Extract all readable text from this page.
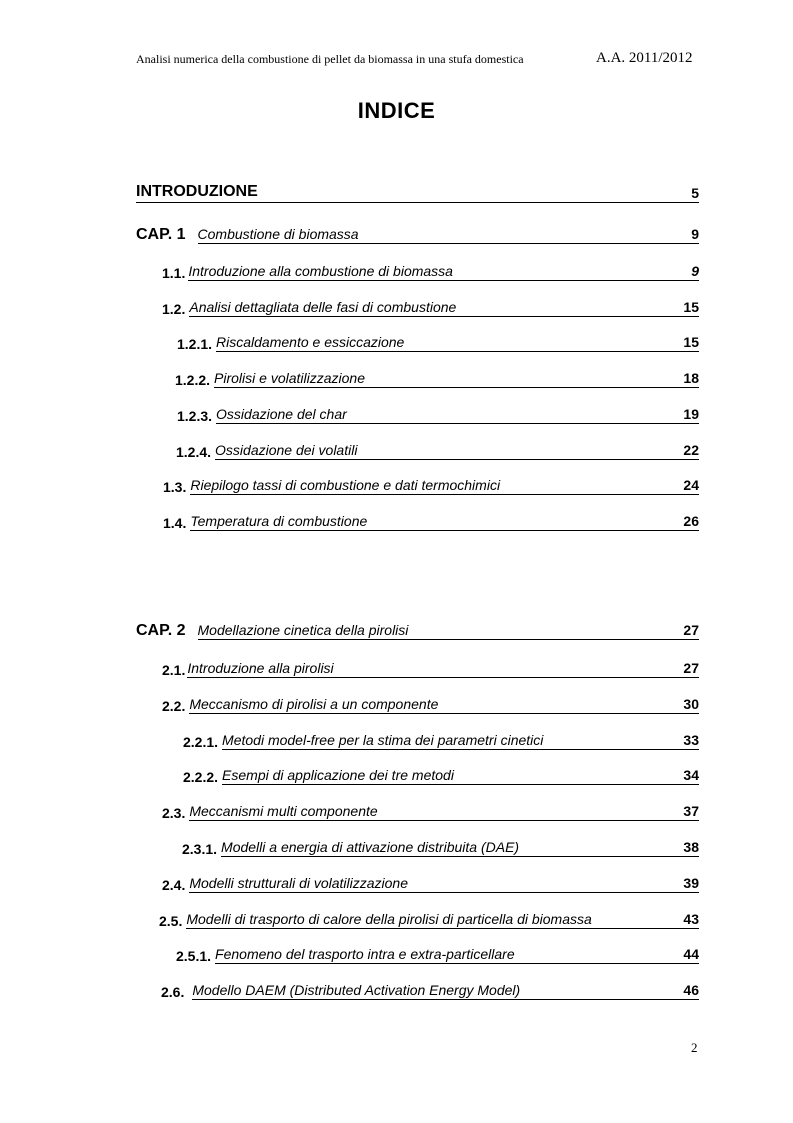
Analisi numerica della combustione di pellet da biomassa in una stufa domestica	A.A. 2011/2012
INDICE
INTRODUZIONE	5
CAP. 1 Combustione di biomassa	9
1.1. Introduzione alla combustione di biomassa	9
1.2. Analisi dettagliata delle fasi di combustione	15
1.2.1. Riscaldamento e essiccazione	15
1.2.2. Pirolisi e volatilizzazione	18
1.2.3. Ossidazione del char	19
1.2.4. Ossidazione dei volatili	22
1.3. Riepilogo tassi di combustione e dati termochimici	24
1.4. Temperatura di combustione	26
CAP. 2 Modellazione cinetica della pirolisi	27
2.1. Introduzione alla pirolisi	27
2.2. Meccanismo di pirolisi a un componente	30
2.2.1. Metodi model-free per la stima dei parametri cinetici	33
2.2.2. Esempi di applicazione dei tre metodi	34
2.3. Meccanismi multi componente	37
2.3.1. Modelli a energia di attivazione distribuita (DAE)	38
2.4. Modelli strutturali di volatilizzazione	39
2.5. Modelli di trasporto di calore della pirolisi di particella di biomassa	43
2.5.1. Fenomeno del trasporto intra e extra-particellare	44
2.6. Modello DAEM (Distributed Activation Energy Model)	46
2
